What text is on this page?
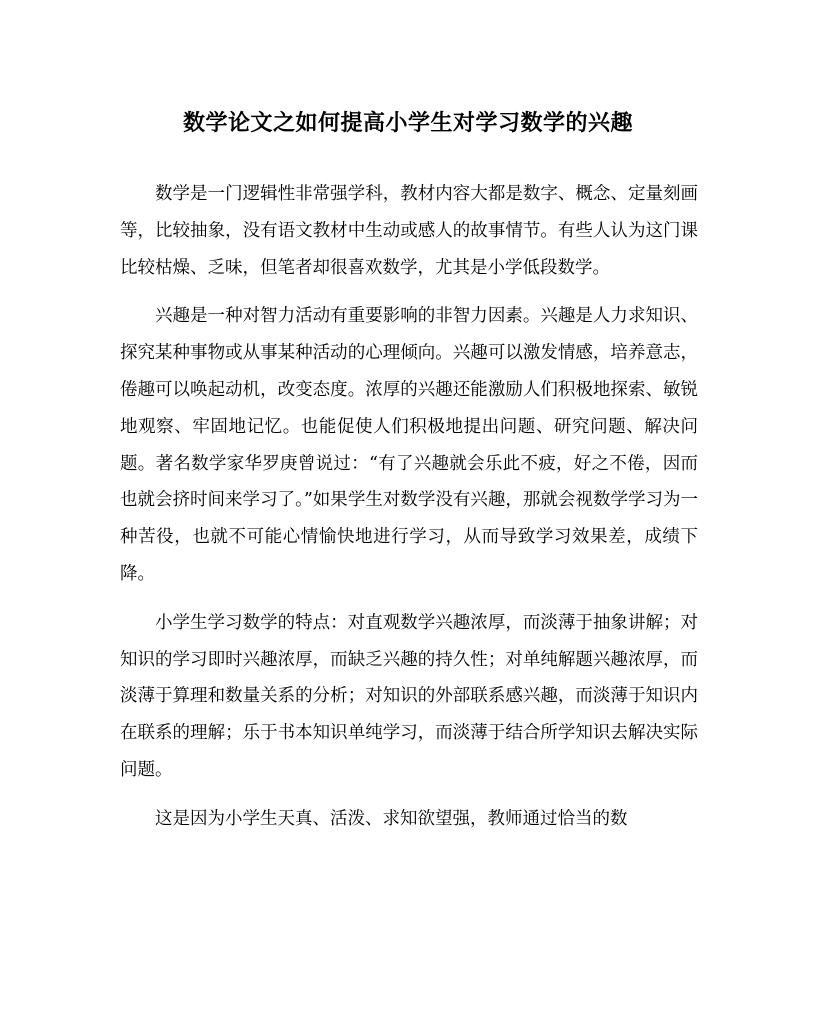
数学论文之如何提高小学生对学习数学的兴趣

数学是一门逻辑性非常强学科，教材内容大都是数字、概念、定量刻画等，比较抽象，没有语文教材中生动或感人的故事情节。有些人认为这门课比较枯燥、乏味，但笔者却很喜欢数学，尤其是小学低段数学。

兴趣是一种对智力活动有重要影响的非智力因素。兴趣是人力求知识、探究某种事物或从事某种活动的心理倾向。兴趣可以激发情感，培养意志，倦趣可以唤起动机，改变态度。浓厚的兴趣还能激励人们积极地探索、敏锐地观察、牢固地记忆。也能促使人们积极地提出问题、研究问题、解决问题。著名数学家华罗庚曾说过：“有了兴趣就会乐此不疲，好之不倦，因而也就会挤时间来学习了。”如果学生对数学没有兴趣，那就会视数学学习为一种苦役，也就不可能心情愉快地进行学习，从而导致学习效果差，成绩下降。

小学生学习数学的特点：对直观数学兴趣浓厚，而淡薄于抽象讲解；对知识的学习即时兴趣浓厚，而缺乏兴趣的持久性；对单纯解题兴趣浓厚，而淡薄于算理和数量关系的分析；对知识的外部联系感兴趣，而淡薄于知识内在联系的理解；乐于书本知识单纯学习，而淡薄于结合所学知识去解决实际问题。

这是因为小学生天真、活泼、求知欲望强，教师通过恰当的数
